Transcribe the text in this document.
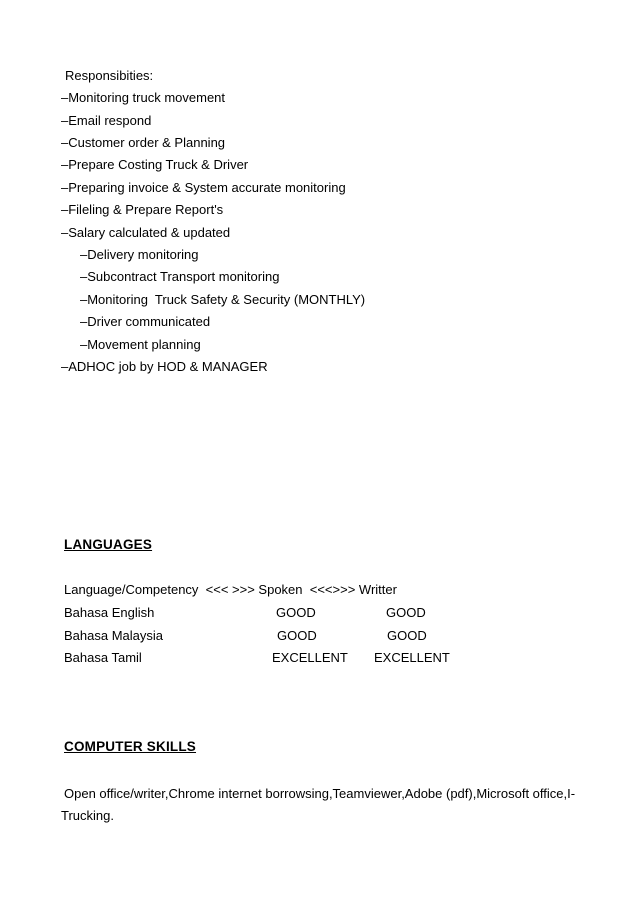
Responsibities:
–Monitoring truck movement
–Email respond
–Customer order & Planning
–Prepare Costing Truck & Driver
–Preparing invoice & System accurate monitoring
–Fileling & Prepare Report's
–Salary calculated & updated
–Delivery monitoring
–Subcontract Transport monitoring
–Monitoring  Truck Safety & Security (MONTHLY)
–Driver communicated
–Movement planning
–ADHOC job by HOD & MANAGER
LANGUAGES
Language/Competency  <<< >>> Spoken  <<<>>> Writter
Bahasa English	GOOD	GOOD
Bahasa Malaysia	GOOD	GOOD
Bahasa Tamil	EXCELLENT EXCELLENT
COMPUTER SKILLS
Open office/writer,Chrome internet borrowsing,Teamviewer,Adobe (pdf),Microsoft office,I-
Trucking.
